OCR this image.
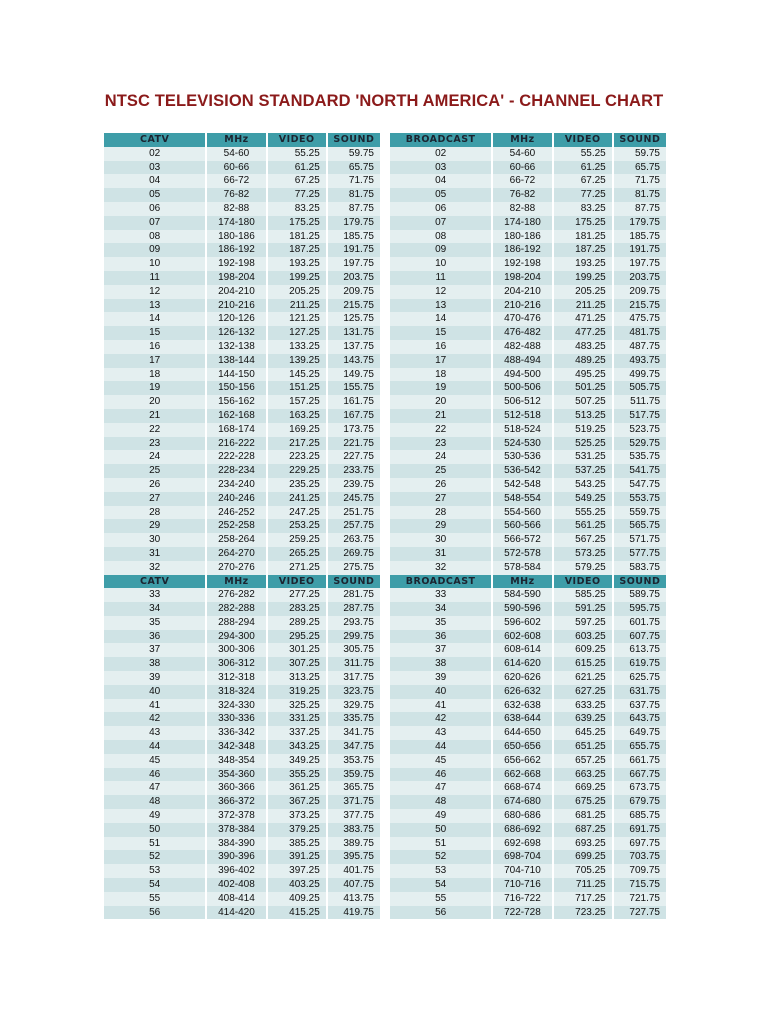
NTSC TELEVISION STANDARD 'NORTH AMERICA' - CHANNEL CHART
CATV	MHz	VIDEO	SOUND		BROADCAST	MHz	VIDEO	SOUND
02	54-60	55.25	59.75		02	54-60	55.25	59.75
03	60-66	61.25	65.75		03	60-66	61.25	65.75
04	66-72	67.25	71.75		04	66-72	67.25	71.75
05	76-82	77.25	81.75		05	76-82	77.25	81.75
06	82-88	83.25	87.75		06	82-88	83.25	87.75
07	174-180	175.25	179.75		07	174-180	175.25	179.75
08	180-186	181.25	185.75		08	180-186	181.25	185.75
09	186-192	187.25	191.75		09	186-192	187.25	191.75
10	192-198	193.25	197.75		10	192-198	193.25	197.75
11	198-204	199.25	203.75		11	198-204	199.25	203.75
12	204-210	205.25	209.75		12	204-210	205.25	209.75
13	210-216	211.25	215.75		13	210-216	211.25	215.75
14	120-126	121.25	125.75		14	470-476	471.25	475.75
15	126-132	127.25	131.75		15	476-482	477.25	481.75
16	132-138	133.25	137.75		16	482-488	483.25	487.75
17	138-144	139.25	143.75		17	488-494	489.25	493.75
18	144-150	145.25	149.75		18	494-500	495.25	499.75
19	150-156	151.25	155.75		19	500-506	501.25	505.75
20	156-162	157.25	161.75		20	506-512	507.25	511.75
21	162-168	163.25	167.75		21	512-518	513.25	517.75
22	168-174	169.25	173.75		22	518-524	519.25	523.75
23	216-222	217.25	221.75		23	524-530	525.25	529.75
24	222-228	223.25	227.75		24	530-536	531.25	535.75
25	228-234	229.25	233.75		25	536-542	537.25	541.75
26	234-240	235.25	239.75		26	542-548	543.25	547.75
27	240-246	241.25	245.75		27	548-554	549.25	553.75
28	246-252	247.25	251.75		28	554-560	555.25	559.75
29	252-258	253.25	257.75		29	560-566	561.25	565.75
30	258-264	259.25	263.75		30	566-572	567.25	571.75
31	264-270	265.25	269.75		31	572-578	573.25	577.75
32	270-276	271.25	275.75		32	578-584	579.25	583.75
CATV	MHz	VIDEO	SOUND		BROADCAST	MHz	VIDEO	SOUND
33	276-282	277.25	281.75		33	584-590	585.25	589.75
34	282-288	283.25	287.75		34	590-596	591.25	595.75
35	288-294	289.25	293.75		35	596-602	597.25	601.75
36	294-300	295.25	299.75		36	602-608	603.25	607.75
37	300-306	301.25	305.75		37	608-614	609.25	613.75
38	306-312	307.25	311.75		38	614-620	615.25	619.75
39	312-318	313.25	317.75		39	620-626	621.25	625.75
40	318-324	319.25	323.75		40	626-632	627.25	631.75
41	324-330	325.25	329.75		41	632-638	633.25	637.75
42	330-336	331.25	335.75		42	638-644	639.25	643.75
43	336-342	337.25	341.75		43	644-650	645.25	649.75
44	342-348	343.25	347.75		44	650-656	651.25	655.75
45	348-354	349.25	353.75		45	656-662	657.25	661.75
46	354-360	355.25	359.75		46	662-668	663.25	667.75
47	360-366	361.25	365.75		47	668-674	669.25	673.75
48	366-372	367.25	371.75		48	674-680	675.25	679.75
49	372-378	373.25	377.75		49	680-686	681.25	685.75
50	378-384	379.25	383.75		50	686-692	687.25	691.75
51	384-390	385.25	389.75		51	692-698	693.25	697.75
52	390-396	391.25	395.75		52	698-704	699.25	703.75
53	396-402	397.25	401.75		53	704-710	705.25	709.75
54	402-408	403.25	407.75		54	710-716	711.25	715.75
55	408-414	409.25	413.75		55	716-722	717.25	721.75
56	414-420	415.25	419.75		56	722-728	723.25	727.75
